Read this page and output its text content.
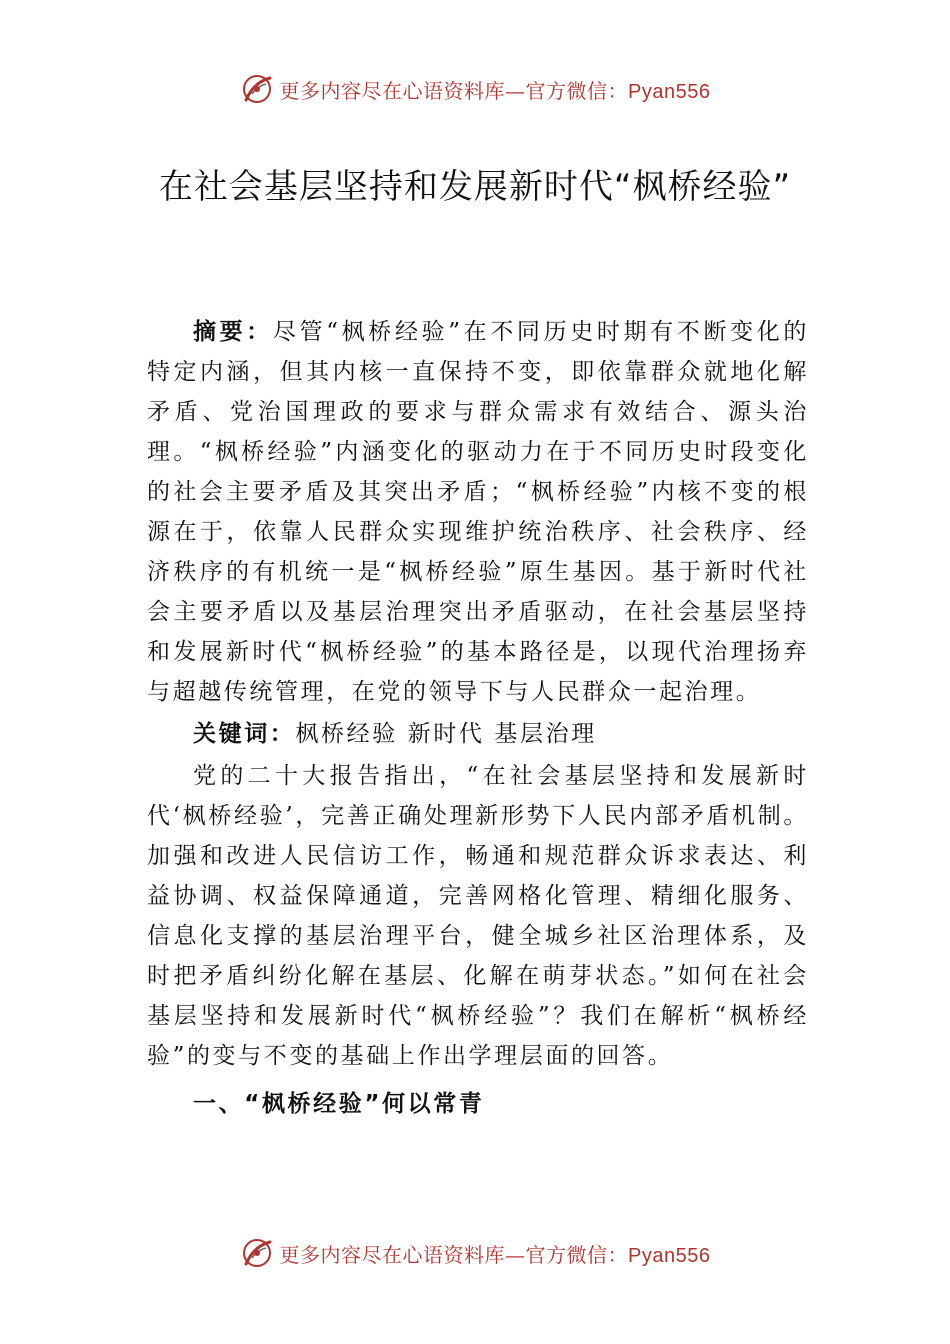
更多内容尽在心语资料库—官方微信：Pyan556
在社会基层坚持和发展新时代“枫桥经验”

摘要：尽管“枫桥经验”在不同历史时期有不断变化的特定内涵，但其内核一直保持不变，即依靠群众就地化解矛盾、党治国理政的要求与群众需求有效结合、源头治理。“枫桥经验”内涵变化的驱动力在于不同历史时段变化的社会主要矛盾及其突出矛盾；“枫桥经验”内核不变的根源在于，依靠人民群众实现维护统治秩序、社会秩序、经济秩序的有机统一是“枫桥经验”原生基因。基于新时代社会主要矛盾以及基层治理突出矛盾驱动，在社会基层坚持和发展新时代“枫桥经验”的基本路径是，以现代治理扬弃与超越传统管理，在党的领导下与人民群众一起治理。

关键词：枫桥经验 新时代 基层治理

党的二十大报告指出，“在社会基层坚持和发展新时代‘枫桥经验’，完善正确处理新形势下人民内部矛盾机制。加强和改进人民信访工作，畅通和规范群众诉求表达、利益协调、权益保障通道，完善网格化管理、精细化服务、信息化支撑的基层治理平台，健全城乡社区治理体系，及时把矛盾纠纷化解在基层、化解在萌芽状态。”如何在社会基层坚持和发展新时代“枫桥经验”？我们在解析“枫桥经验”的变与不变的基础上作出学理层面的回答。

一、“枫桥经验”何以常青

更多内容尽在心语资料库—官方微信：Pyan556
